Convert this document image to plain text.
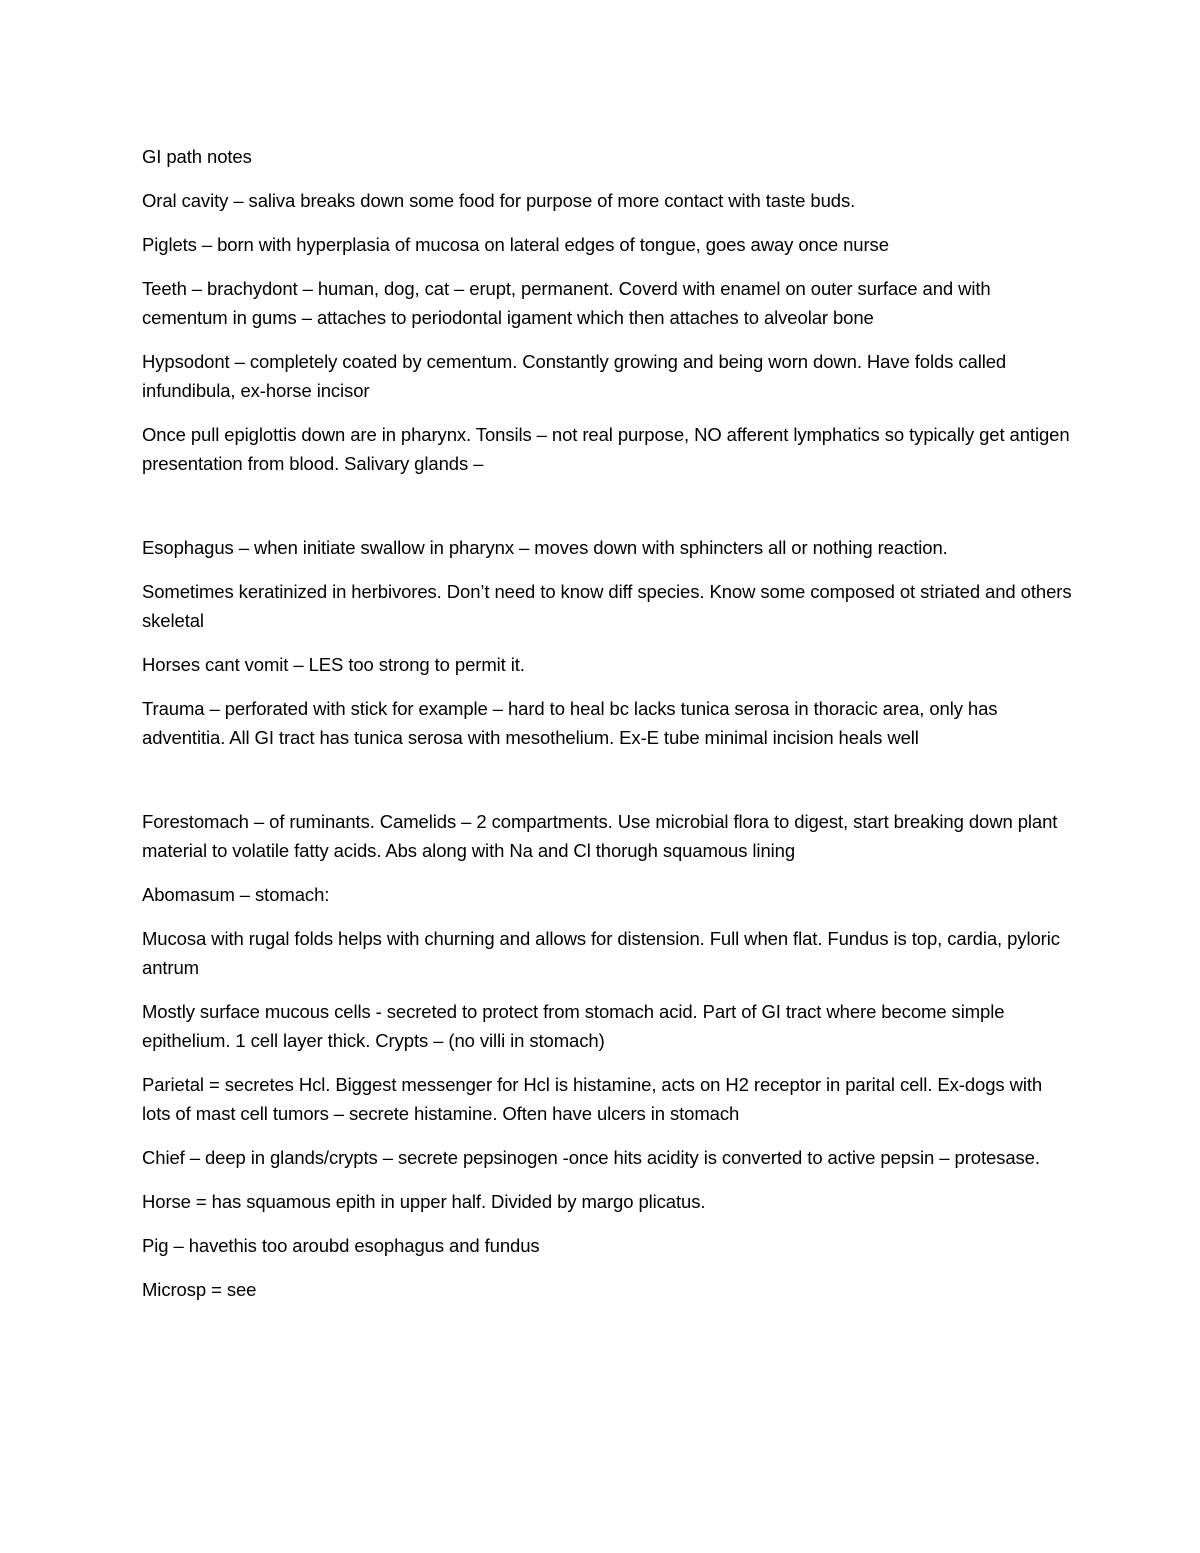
GI path notes

Oral cavity – saliva breaks down some food for purpose of more contact with taste buds.

Piglets – born with hyperplasia of mucosa on lateral edges of tongue, goes away once nurse

Teeth – brachydont – human, dog, cat – erupt, permanent. Coverd with enamel on outer surface and with cementum in gums – attaches to periodontal igament which then attaches to alveolar bone

Hypsodont – completely coated by cementum. Constantly growing and being worn down. Have folds called infundibula, ex-horse incisor

Once pull epiglottis down are in pharynx. Tonsils – not real purpose, NO afferent lymphatics so typically get antigen presentation from blood. Salivary glands –

Esophagus – when initiate swallow in pharynx – moves down with sphincters all or nothing reaction.

Sometimes keratinized in herbivores. Don’t need to know diff species. Know some composed ot striated and others skeletal

Horses cant vomit – LES too strong to permit it.

Trauma – perforated with stick for example – hard to heal bc lacks tunica serosa in thoracic area, only has adventitia. All GI tract has tunica serosa with mesothelium. Ex-E tube minimal incision heals well

Forestomach – of ruminants. Camelids – 2 compartments. Use microbial flora to digest, start breaking down plant material to volatile fatty acids. Abs along with Na and Cl thorugh squamous lining

Abomasum – stomach:

Mucosa with rugal folds helps with churning and allows for distension. Full when flat. Fundus is top, cardia, pyloric antrum

Mostly surface mucous cells - secreted to protect from stomach acid. Part of GI tract where become simple epithelium. 1 cell layer thick. Crypts – (no villi in stomach)

Parietal = secretes Hcl. Biggest messenger for Hcl is histamine, acts on H2 receptor in parital cell. Ex-dogs with lots of mast cell tumors – secrete histamine. Often have ulcers in stomach

Chief – deep in glands/crypts – secrete pepsinogen -once hits acidity is converted to active pepsin – protesase.

Horse = has squamous epith in upper half. Divided by margo plicatus.

Pig – havethis too aroubd esophagus and fundus

Microsp = see
